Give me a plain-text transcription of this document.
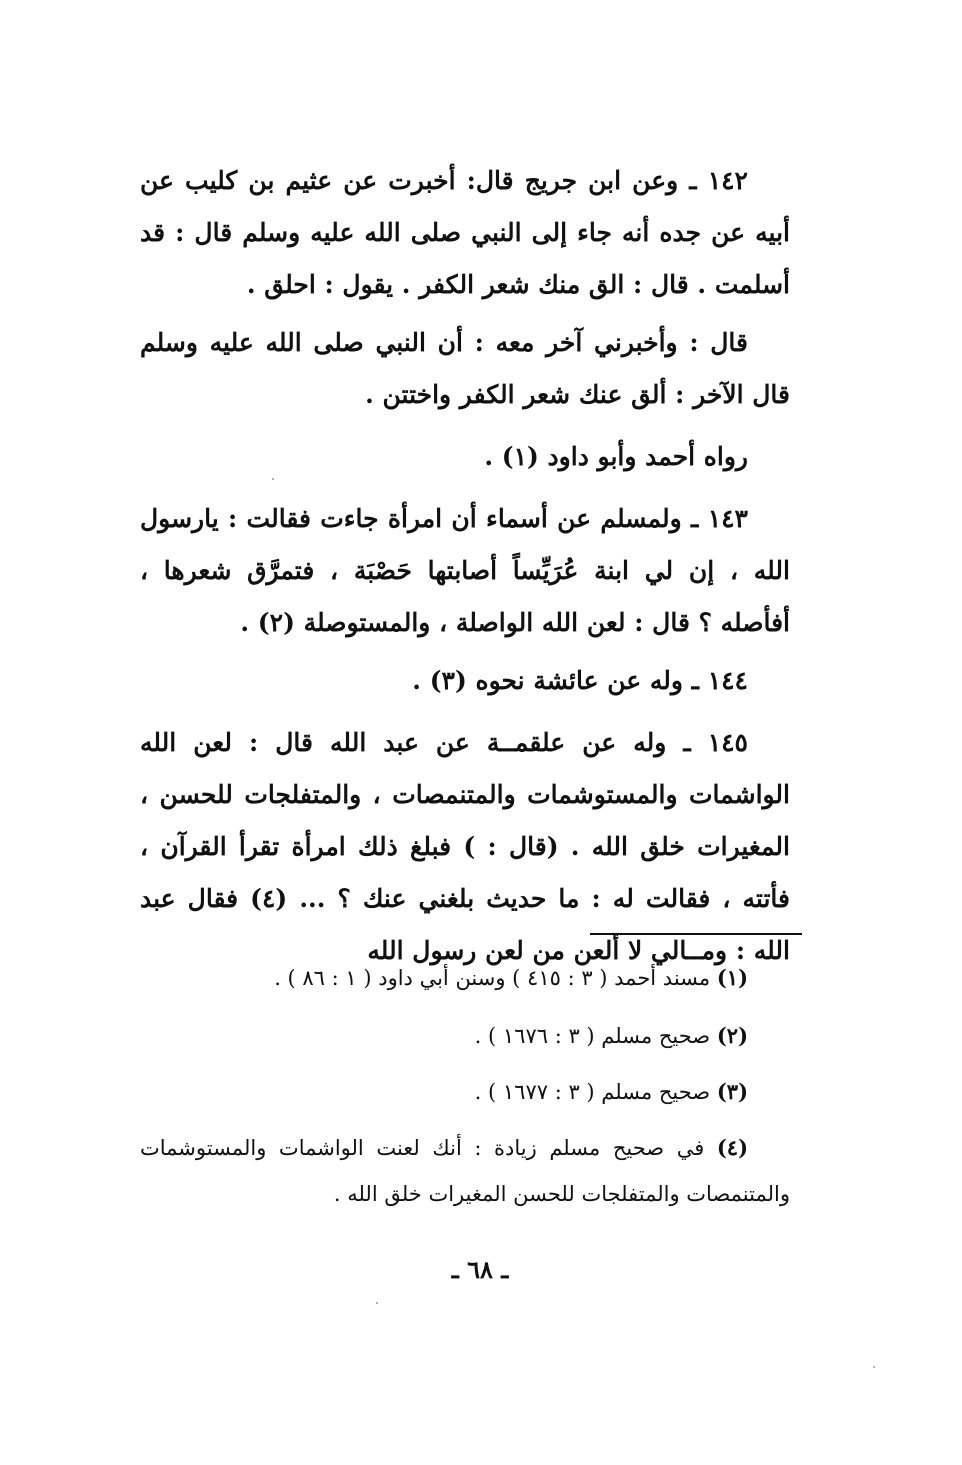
١٤٢ ـ وعن ابن جريج قال: أخبرت عن عثيم بن كليب عن أبيه عن جده أنه جاء إلى النبي صلى الله عليه وسلم قال : قد أسلمت . قال : الق منك شعر الكفر . يقول : احلق .

قال : وأخبرني آخر معه : أن النبي صلى الله عليه وسلم قال الآخر : ألق عنك شعر الكفر واختتن .

رواه أحمد وأبو داود (١) .

١٤٣ ـ ولمسلم عن أسماء أن امرأة جاءت فقالت : يارسول الله ، إن لي ابنة عُرَيِّساً أصابتها حَصْبَة ، فتمرَّق شعرها ، أفأصله ؟ قال : لعن الله الواصلة ، والمستوصلة (٢) .

١٤٤ ـ وله عن عائشة نحوه (٣) .

١٤٥ ـ وله عن علقمــة عن عبد الله قال : لعن الله الواشمات والمستوشمات والمتنمصات ، والمتفلجات للحسن ، المغيرات خلق الله . (قال : ) فبلغ ذلك امرأة تقرأ القرآن ، فأتته ، فقالت له : ما حديث بلغني عنك ؟ ... (٤) فقال عبد الله : ومــالي لا ألعن من لعن رسول الله

(١) مسند أحمد ( ٣ : ٤١٥ ) وسنن أبي داود ( ١ : ٨٦ ) .

(٢) صحيح مسلم ( ٣ : ١٦٧٦ ) .

(٣) صحيح مسلم ( ٣ : ١٦٧٧ ) .

(٤) في صحيح مسلم زيادة : أنك لعنت الواشمات والمستوشمات والمتنمصات والمتفلجات للحسن المغيرات خلق الله .

ـ ٦٨ ـ
